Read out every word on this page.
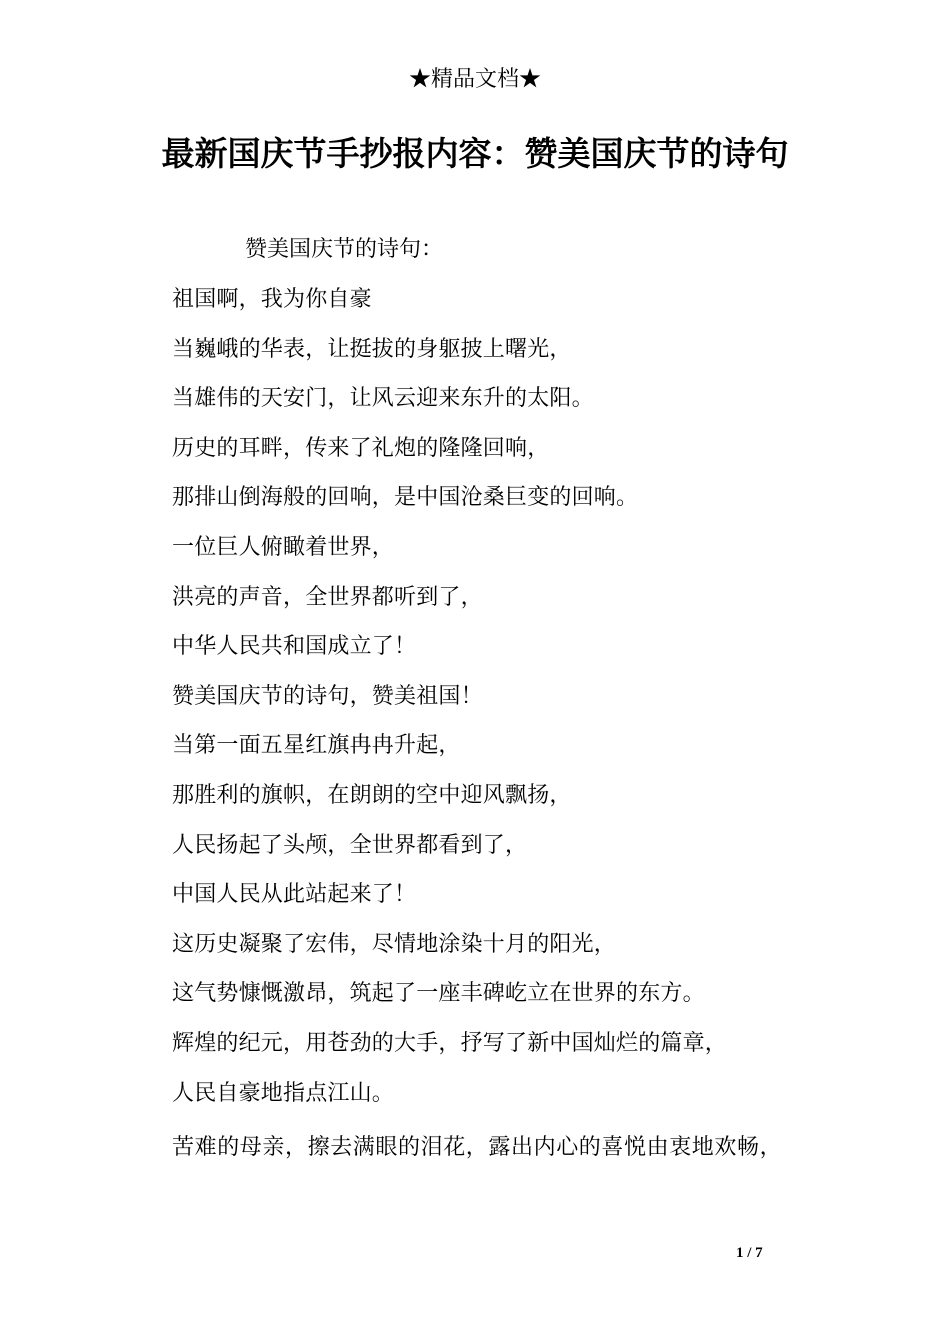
★精品文档★
最新国庆节手抄报内容：赞美国庆节的诗句

赞美国庆节的诗句：

祖国啊，我为你自豪
当巍峨的华表，让挺拔的身躯披上曙光，
当雄伟的天安门，让风云迎来东升的太阳。
历史的耳畔，传来了礼炮的隆隆回响，
那排山倒海般的回响，是中国沧桑巨变的回响。
一位巨人俯瞰着世界，
洪亮的声音，全世界都听到了，
中华人民共和国成立了！
赞美国庆节的诗句，赞美祖国！
当第一面五星红旗冉冉升起，
那胜利的旗帜，在朗朗的空中迎风飘扬，
人民扬起了头颅，全世界都看到了，
中国人民从此站起来了！
这历史凝聚了宏伟，尽情地涂染十月的阳光，
这气势慷慨激昂，筑起了一座丰碑屹立在世界的东方。
辉煌的纪元，用苍劲的大手，抒写了新中国灿烂的篇章，
人民自豪地指点江山。

苦难的母亲，擦去满眼的泪花，露出内心的喜悦由衷地欢畅，

1 / 7
